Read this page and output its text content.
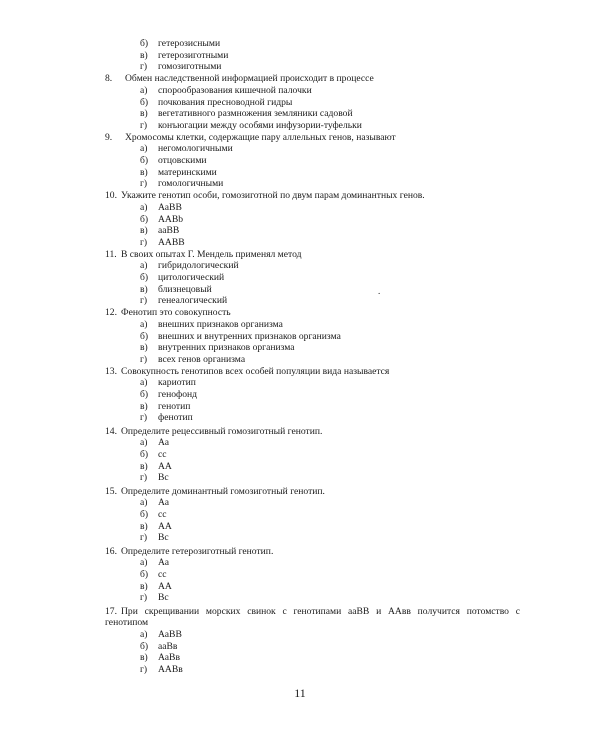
б) гетерозисными
в) гетерозиготными
г) гомозиготными
8. Обмен наследственной информацией происходит в процессе
а) спорообразования кишечной палочки
б) почкования пресноводной гидры
в) вегетативного размножения земляники садовой
г) конъюгации между особями инфузории-туфельки
9. Хромосомы клетки, содержащие пару аллельных генов, называют
а) негомологичными
б) отцовскими
в) материнскими
г) гомологичными
10. Укажите генотип особи, гомозиготной по двум парам доминантных генов.
а) АаВВ
б) ААВb
в) ааВВ
г) ААВВ
11. В своих опытах Г. Мендель применял метод
а) гибридологический
б) цитологический
в) близнецовый
г) генеалогический
12. Фенотип это совокупность
а) внешних признаков организма
б) внешних и внутренних признаков организма
в) внутренних признаков организма
г) всех генов организма
13. Совокупность генотипов всех особей популяции вида называется
а) кариотип
б) генофонд
в) генотип
г) фенотип
14. Определите рецессивный гомозиготный генотип.
а) Аа
б) сс
в) АА
г) Вс
15. Определите доминантный гомозиготный генотип.
а) Аа
б) сс
в) АА
г) Вс
16. Определите гетерозиготный генотип.
а) Аа
б) сс
в) АА
г) Вс
17. При скрещивании морских свинок с генотипами ааВВ и ААвв получится потомство с
генотипом
а) АаВВ
б) ааВв
в) АаВв
г) ААВв
.
11
